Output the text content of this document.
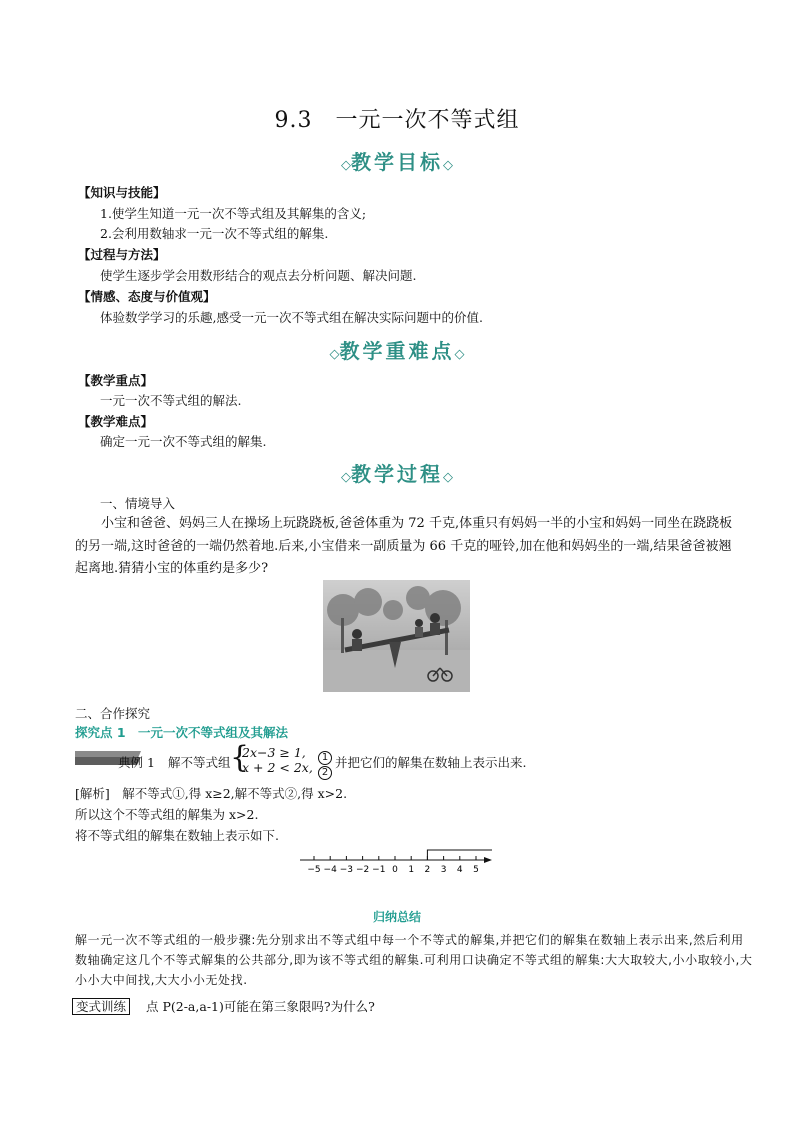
9.3　一元一次不等式组
◇教学目标◇
【知识与技能】
1.使学生知道一元一次不等式组及其解集的含义;
2.会利用数轴求一元一次不等式组的解集.
【过程与方法】
使学生逐步学会用数形结合的观点去分析问题、解决问题.
【情感、态度与价值观】
体验数学学习的乐趣,感受一元一次不等式组在解决实际问题中的价值.
◇教学重难点◇
【教学重点】
一元一次不等式组的解法.
【教学难点】
确定一元一次不等式组的解集.
◇教学过程◇
一、情境导入
小宝和爸爸、妈妈三人在操场上玩跷跷板,爸爸体重为 72 千克,体重只有妈妈一半的小宝和妈妈一同坐在跷跷板的另一端,这时爸爸的一端仍然着地.后来,小宝借来一副质量为 66 千克的哑铃,加在他和妈妈坐的一端,结果爸爸被翘起离地.猜猜小宝的体重约是多少?
二、合作探究
探究点 1　一元一次不等式组及其解法
典例 1 解不等式组 {
2x−3 ≥ 1,
x + 2 < 2x,
1
2
并把它们的解集在数轴上表示出来.
[解析]　解不等式①,得 x≥2,解不等式②,得 x>2.
所以这个不等式组的解集为 x>2.
将不等式组的解集在数轴上表示如下.
−5 −4 −3 −2 −1 0 1 2 3 4 5
归纳总结
解一元一次不等式组的一般步骤:先分别求出不等式组中每一个不等式的解集,并把它们的解集在数轴上表示出来,然后利用数轴确定这几个不等式解集的公共部分,即为该不等式组的解集.可利用口诀确定不等式组的解集:大大取较大,小小取较小,大小小大中间找,大大小小无处找.
变式训练	点 P(2-a,a-1)可能在第三象限吗?为什么?
